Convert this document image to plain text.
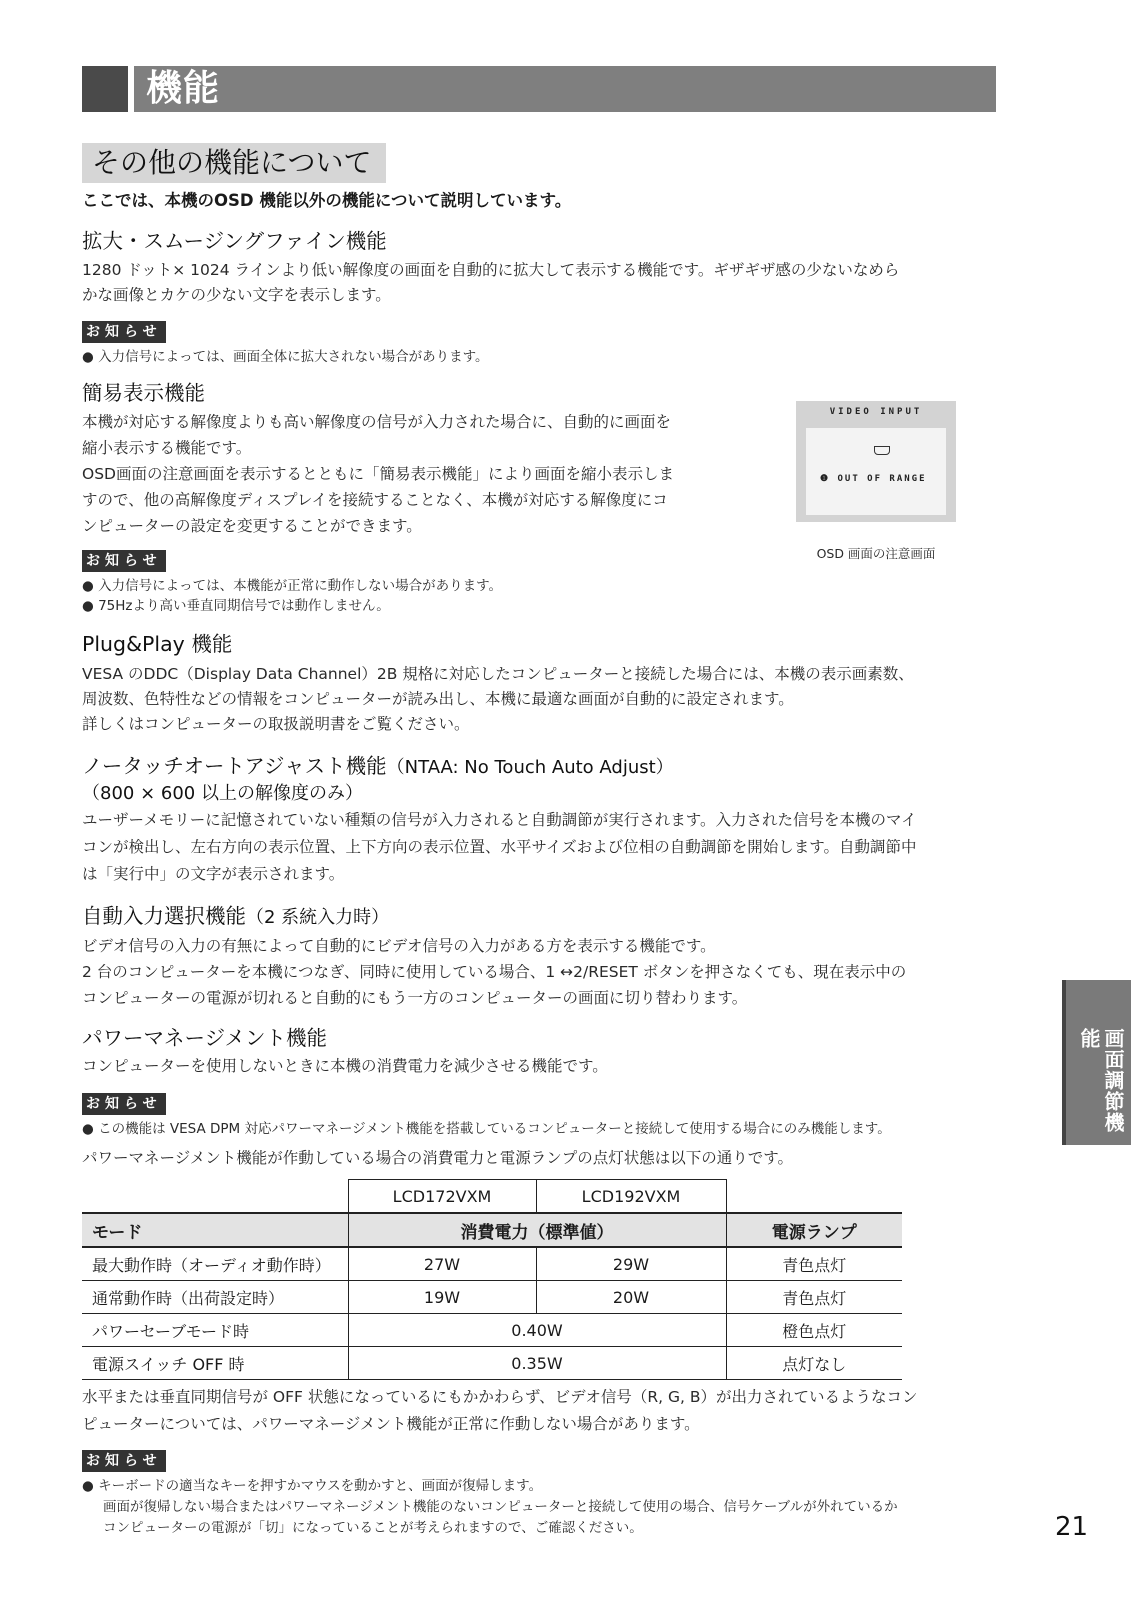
機能
その他の機能について
ここでは、本機のOSD 機能以外の機能について説明しています。
拡大・スムージングファイン機能
1280 ドット× 1024 ラインより低い解像度の画面を自動的に拡大して表示する機能です。ギザギザ感の少ないなめら
かな画像とカケの少ない文字を表示します。
お知らせ
● 入力信号によっては、画面全体に拡大されない場合があります。
簡易表示機能
本機が対応する解像度よりも高い解像度の信号が入力された場合に、自動的に画面を
縮小表示する機能です。
OSD画面の注意画面を表示するとともに「簡易表示機能」により画面を縮小表示しま
すので、他の高解像度ディスプレイを接続することなく、本機が対応する解像度にコ
ンピューターの設定を変更することができます。
お知らせ
● 入力信号によっては、本機能が正常に動作しない場合があります。
● 75Hzより高い垂直同期信号では動作しません。
VIDEO INPUT
❶ OUT OF RANGE
OSD 画面の注意画面
Plug&Play 機能
VESA のDDC（Display Data Channel）2B 規格に対応したコンピューターと接続した場合には、本機の表示画素数、
周波数、色特性などの情報をコンピューターが読み出し、本機に最適な画面が自動的に設定されます。
詳しくはコンピューターの取扱説明書をご覧ください。
ノータッチオートアジャスト機能（NTAA: No Touch Auto Adjust）
（800 × 600 以上の解像度のみ）
ユーザーメモリーに記憶されていない種類の信号が入力されると自動調節が実行されます。入力された信号を本機のマイ
コンが検出し、左右方向の表示位置、上下方向の表示位置、水平サイズおよび位相の自動調節を開始します。自動調節中
は「実行中」の文字が表示されます。
自動入力選択機能（2 系統入力時）
ビデオ信号の入力の有無によって自動的にビデオ信号の入力がある方を表示する機能です。
2 台のコンピューターを本機につなぎ、同時に使用している場合、1 ↔2/RESET ボタンを押さなくても、現在表示中の
コンピューターの電源が切れると自動的にもう一方のコンピューターの画面に切り替わります。
パワーマネージメント機能
コンピューターを使用しないときに本機の消費電力を減少させる機能です。
お知らせ
● この機能は VESA DPM 対応パワーマネージメント機能を搭載しているコンピューターと接続して使用する場合にのみ機能します。
パワーマネージメント機能が作動している場合の消費電力と電源ランプの点灯状態は以下の通りです。
	LCD172VXM	LCD192VXM	
モード	消費電力（標準値）		電源ランプ
最大動作時（オーディオ動作時）	27W	29W	青色点灯
通常動作時（出荷設定時）	19W	20W	青色点灯
パワーセーブモード時	0.40W		橙色点灯
電源スイッチ OFF 時	0.35W		点灯なし
水平または垂直同期信号が OFF 状態になっているにもかかわらず、ビデオ信号（R, G, B）が出力されているようなコン
ピューターについては、パワーマネージメント機能が正常に作動しない場合があります。
お知らせ
● キーボードの適当なキーを押すかマウスを動かすと、画面が復帰します。
画面が復帰しない場合またはパワーマネージメント機能のないコンピューターと接続して使用の場合、信号ケーブルが外れているか
コンピューターの電源が「切」になっていることが考えられますので、ご確認ください。
画面調節機能
21
